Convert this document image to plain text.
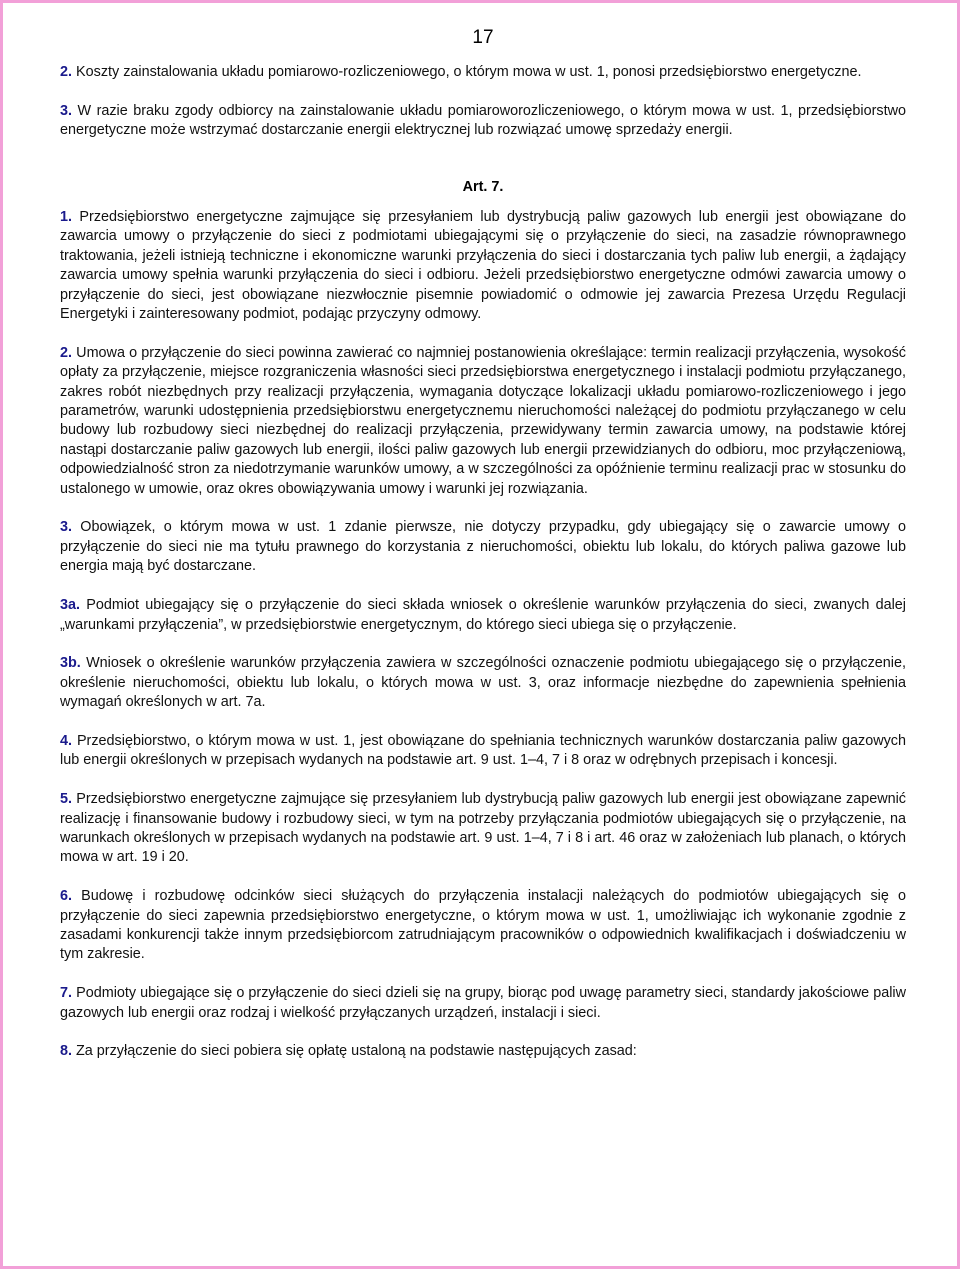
17

2. Koszty zainstalowania układu pomiarowo-rozliczeniowego, o którym mowa w ust. 1, ponosi przedsiębiorstwo energetyczne.

3. W razie braku zgody odbiorcy na zainstalowanie układu pomiaroworozliczeniowego, o którym mowa w ust. 1, przedsiębiorstwo energetyczne może wstrzymać dostarczanie energii elektrycznej lub rozwiązać umowę sprzedaży energii.

Art. 7.

1. Przedsiębiorstwo energetyczne zajmujące się przesyłaniem lub dystrybucją paliw gazowych lub energii jest obowiązane do zawarcia umowy o przyłączenie do sieci z podmiotami ubiegającymi się o przyłączenie do sieci, na zasadzie równoprawnego traktowania, jeżeli istnieją techniczne i ekonomiczne warunki przyłączenia do sieci i dostarczania tych paliw lub energii, a żądający zawarcia umowy spełnia warunki przyłączenia do sieci i odbioru. Jeżeli przedsiębiorstwo energetyczne odmówi zawarcia umowy o przyłączenie do sieci, jest obowiązane niezwłocznie pisemnie powiadomić o odmowie jej zawarcia Prezesa Urzędu Regulacji Energetyki i zainteresowany podmiot, podając przyczyny odmowy.

2. Umowa o przyłączenie do sieci powinna zawierać co najmniej postanowienia określające: termin realizacji przyłączenia, wysokość opłaty za przyłączenie, miejsce rozgraniczenia własności sieci przedsiębiorstwa energetycznego i instalacji podmiotu przyłączanego, zakres robót niezbędnych przy realizacji przyłączenia, wymagania dotyczące lokalizacji układu pomiarowo-rozliczeniowego i jego parametrów, warunki udostępnienia przedsiębiorstwu energetycznemu nieruchomości należącej do podmiotu przyłączanego w celu budowy lub rozbudowy sieci niezbędnej do realizacji przyłączenia, przewidywany termin zawarcia umowy, na podstawie której nastąpi dostarczanie paliw gazowych lub energii, ilości paliw gazowych lub energii przewidzianych do odbioru, moc przyłączeniową, odpowiedzialność stron za niedotrzymanie warunków umowy, a w szczególności za opóźnienie terminu realizacji prac w stosunku do ustalonego w umowie, oraz okres obowiązywania umowy i warunki jej rozwiązania.

3. Obowiązek, o którym mowa w ust. 1 zdanie pierwsze, nie dotyczy przypadku, gdy ubiegający się o zawarcie umowy o przyłączenie do sieci nie ma tytułu prawnego do korzystania z nieruchomości, obiektu lub lokalu, do których paliwa gazowe lub energia mają być dostarczane.

3a. Podmiot ubiegający się o przyłączenie do sieci składa wniosek o określenie warunków przyłączenia do sieci, zwanych dalej „warunkami przyłączenia”, w przedsiębiorstwie energetycznym, do którego sieci ubiega się o przyłączenie.

3b. Wniosek o określenie warunków przyłączenia zawiera w szczególności oznaczenie podmiotu ubiegającego się o przyłączenie, określenie nieruchomości, obiektu lub lokalu, o których mowa w ust. 3, oraz informacje niezbędne do zapewnienia spełnienia wymagań określonych w art. 7a.

4. Przedsiębiorstwo, o którym mowa w ust. 1, jest obowiązane do spełniania technicznych warunków dostarczania paliw gazowych lub energii określonych w przepisach wydanych na podstawie art. 9 ust. 1–4, 7 i 8 oraz w odrębnych przepisach i koncesji.

5. Przedsiębiorstwo energetyczne zajmujące się przesyłaniem lub dystrybucją paliw gazowych lub energii jest obowiązane zapewnić realizację i finansowanie budowy i rozbudowy sieci, w tym na potrzeby przyłączania podmiotów ubiegających się o przyłączenie, na warunkach określonych w przepisach wydanych na podstawie art. 9 ust. 1–4, 7 i 8 i art. 46 oraz w założeniach lub planach, o których mowa w art. 19 i 20.

6. Budowę i rozbudowę odcinków sieci służących do przyłączenia instalacji należących do podmiotów ubiegających się o przyłączenie do sieci zapewnia przedsiębiorstwo energetyczne, o którym mowa w ust. 1, umożliwiając ich wykonanie zgodnie z zasadami konkurencji także innym przedsiębiorcom zatrudniającym pracowników o odpowiednich kwalifikacjach i doświadczeniu w tym zakresie.

7. Podmioty ubiegające się o przyłączenie do sieci dzieli się na grupy, biorąc pod uwagę parametry sieci, standardy jakościowe paliw gazowych lub energii oraz rodzaj i wielkość przyłączanych urządzeń, instalacji i sieci.

8. Za przyłączenie do sieci pobiera się opłatę ustaloną na podstawie następujących zasad:
